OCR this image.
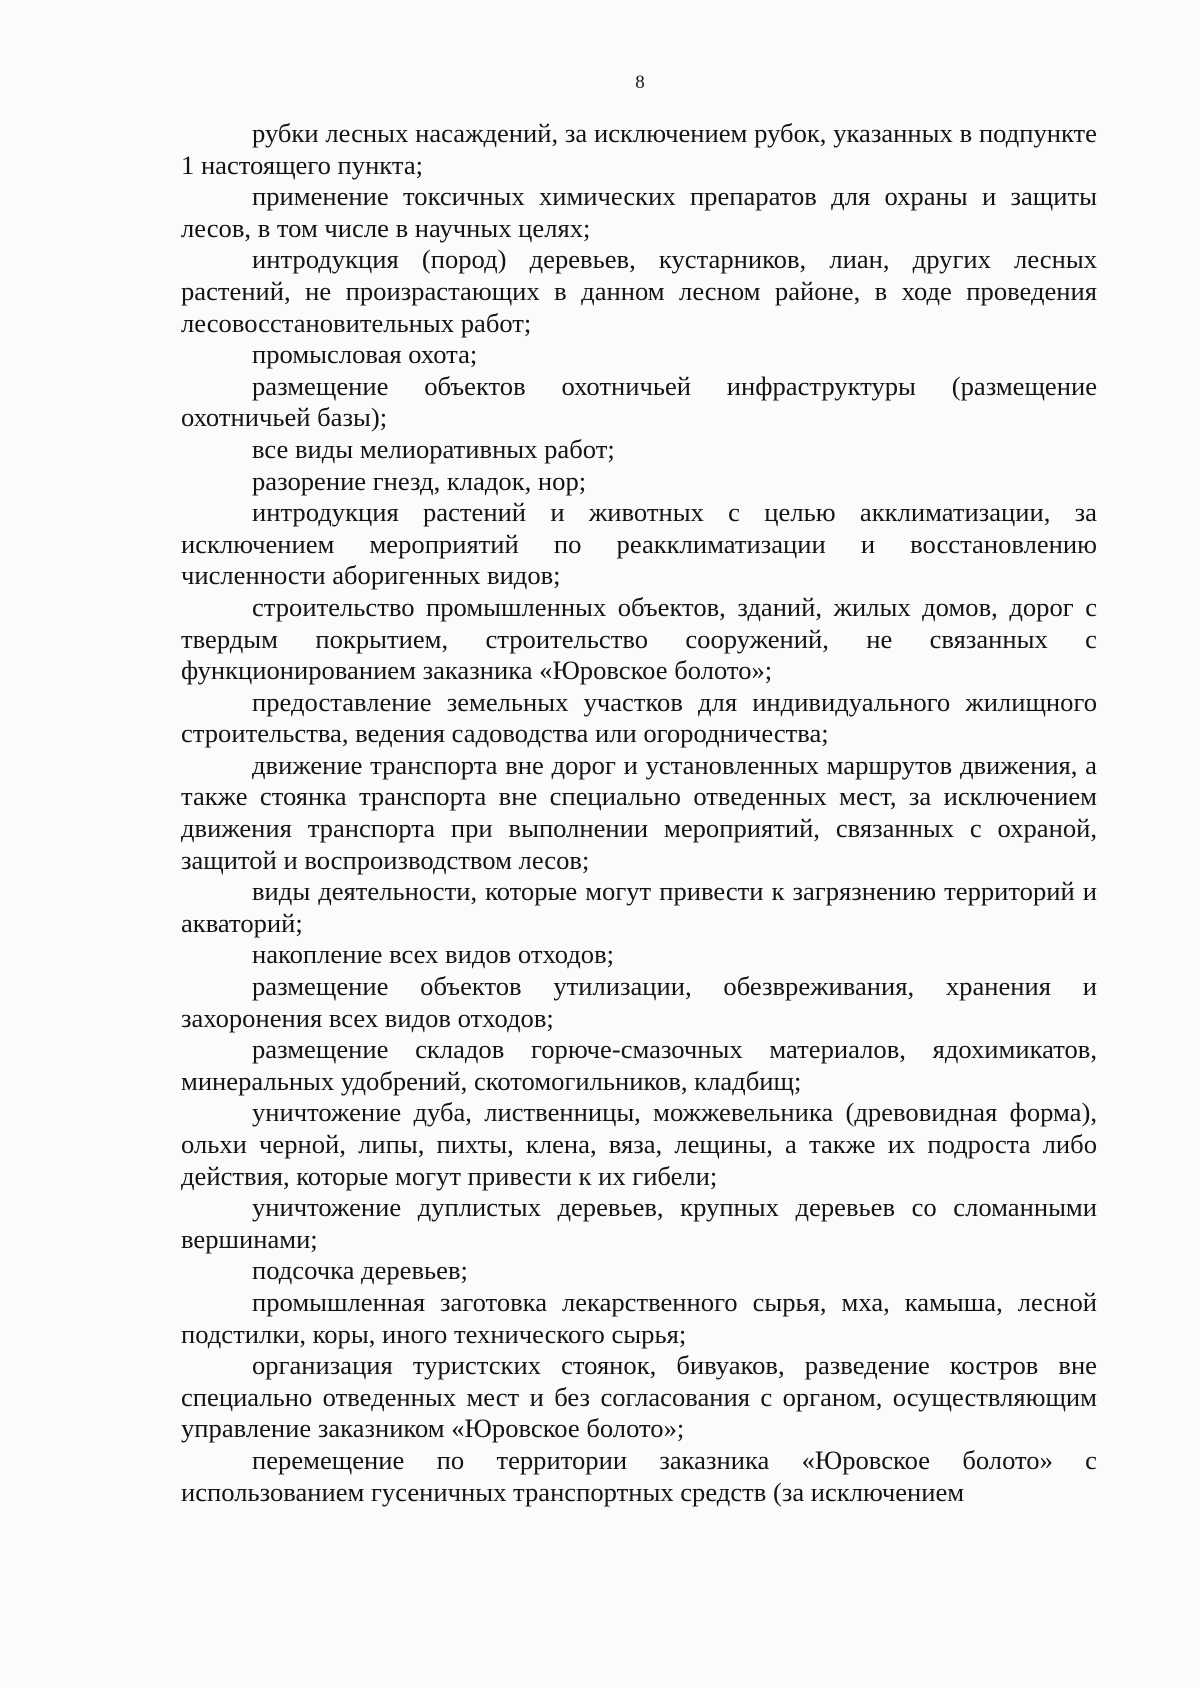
8

рубки лесных насаждений, за исключением рубок, указанных в подпункте 1 настоящего пункта;

применение токсичных химических препаратов для охраны и защиты лесов, в том числе в научных целях;

интродукция (пород) деревьев, кустарников, лиан, других лесных растений, не произрастающих в данном лесном районе, в ходе проведения лесовосстановительных работ;

промысловая охота;

размещение объектов охотничьей инфраструктуры (размещение охотничьей базы);

все виды мелиоративных работ;

разорение гнезд, кладок, нор;

интродукция растений и животных с целью акклиматизации, за исключением мероприятий по реакклиматизации и восстановлению численности аборигенных видов;

строительство промышленных объектов, зданий, жилых домов, дорог с твердым покрытием, строительство сооружений, не связанных с функционированием заказника «Юровское болото»;

предоставление земельных участков для индивидуального жилищного строительства, ведения садоводства или огородничества;

движение транспорта вне дорог и установленных маршрутов движения, а также стоянка транспорта вне специально отведенных мест, за исключением движения транспорта при выполнении мероприятий, связанных с охраной, защитой и воспроизводством лесов;

виды деятельности, которые могут привести к загрязнению территорий и акваторий;

накопление всех видов отходов;

размещение объектов утилизации, обезвреживания, хранения и захоронения всех видов отходов;

размещение складов горюче-смазочных материалов, ядохимикатов, минеральных удобрений, скотомогильников, кладбищ;

уничтожение дуба, лиственницы, можжевельника (древовидная форма), ольхи черной, липы, пихты, клена, вяза, лещины, а также их подроста либо действия, которые могут привести к их гибели;

уничтожение дуплистых деревьев, крупных деревьев со сломанными вершинами;

подсочка деревьев;

промышленная заготовка лекарственного сырья, мха, камыша, лесной подстилки, коры, иного технического сырья;

организация туристских стоянок, бивуаков, разведение костров вне специально отведенных мест и без согласования с органом, осуществляющим управление заказником «Юровское болото»;

перемещение по территории заказника «Юровское болото» с использованием гусеничных транспортных средств (за исключением
